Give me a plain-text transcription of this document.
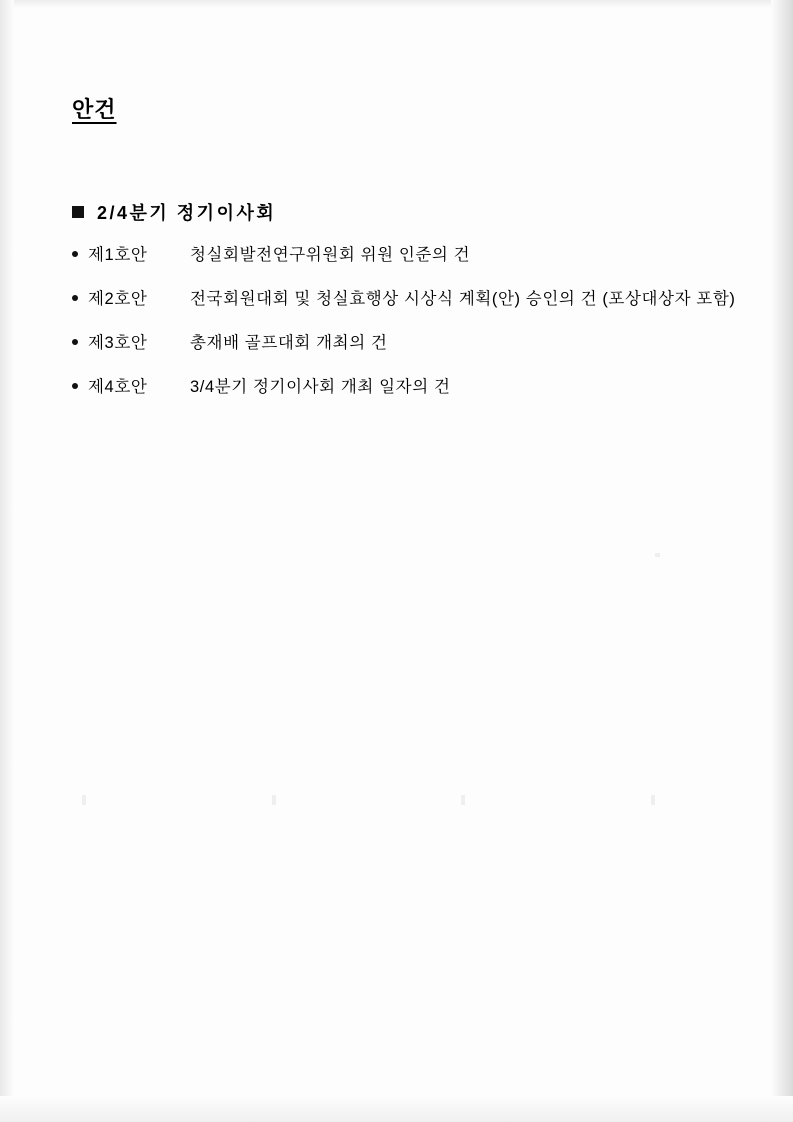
안건
2/4분기 정기이사회
제1호안	청실회발전연구위원회 위원 인준의 건
제2호안	전국회원대회 및 청실효행상 시상식 계획(안) 승인의 건 (포상대상자 포함)
제3호안	총재배 골프대회 개최의 건
제4호안	3/4분기 정기이사회 개최 일자의 건
